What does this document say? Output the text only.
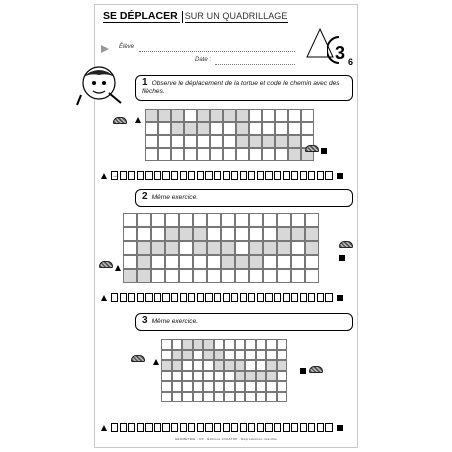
SE DÉPLACER SUR UN QUADRILLAGE
3 6
Élève
Date :
1 Observe le déplacement de la tortue et code le chemin avec des flèches.
→
2 Même exercice.
3 Même exercice.
GÉOMÉTRIE · CP · Éditions JOCATOP · Reproduction interdite
